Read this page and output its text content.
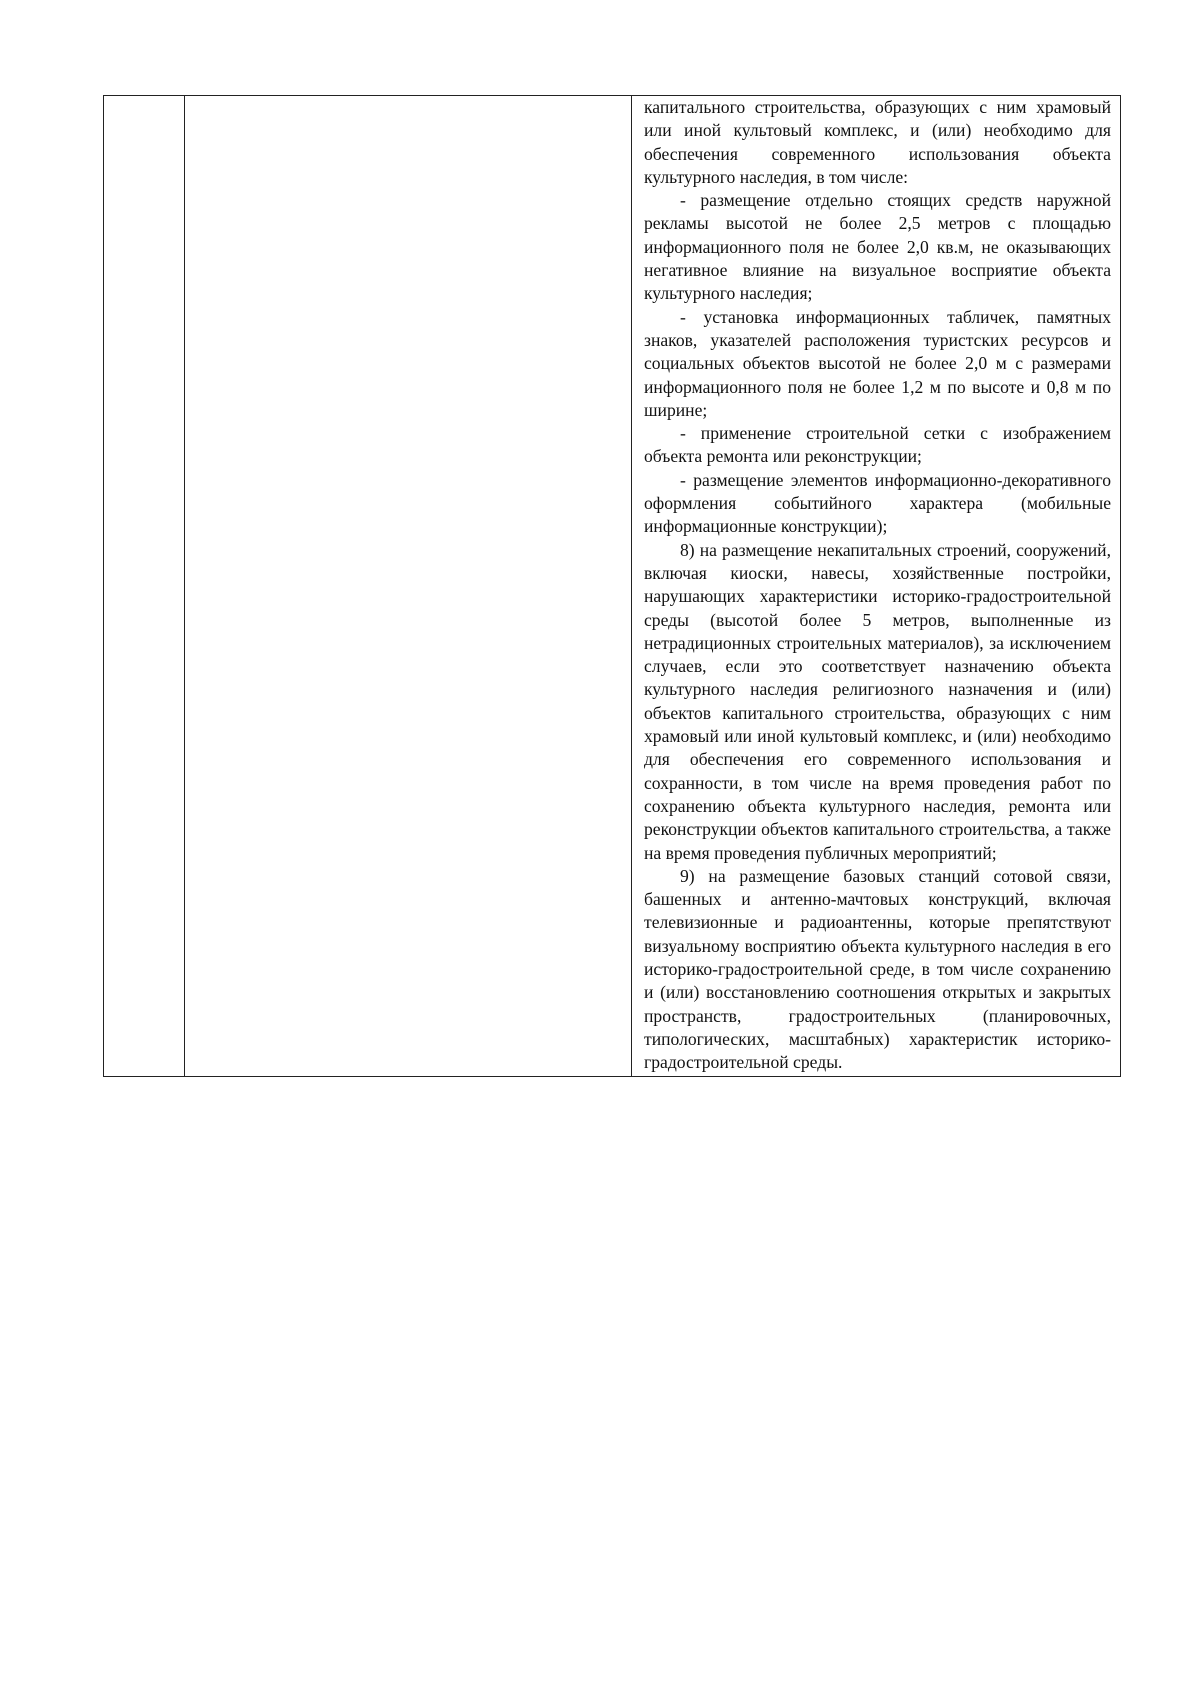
капитального строительства, образующих с ним храмовый или иной культовый комплекс, и (или) необходимо для обеспечения современного использования объекта культурного наследия, в том числе:

- размещение отдельно стоящих средств наружной рекламы высотой не более 2,5 метров с площадью информационного поля не более 2,0 кв.м, не оказывающих негативное влияние на визуальное восприятие объекта культурного наследия;

- установка информационных табличек, памятных знаков, указателей расположения туристских ресурсов и социальных объектов высотой не более 2,0 м с размерами информационного поля не более 1,2 м по высоте и 0,8 м по ширине;

- применение строительной сетки с изображением объекта ремонта или реконструкции;

- размещение элементов информационно-декоративного оформления событийного характера (мобильные информационные конструкции);

8) на размещение некапитальных строений, сооружений, включая киоски, навесы, хозяйственные постройки, нарушающих характеристики историко-градостроительной среды (высотой более 5 метров, выполненные из нетрадиционных строительных материалов), за исключением случаев, если это соответствует назначению объекта культурного наследия религиозного назначения и (или) объектов капитального строительства, образующих с ним храмовый или иной культовый комплекс, и (или) необходимо для обеспечения его современного использования и сохранности, в том числе на время проведения работ по сохранению объекта культурного наследия, ремонта или реконструкции объектов капитального строительства, а также на время проведения публичных мероприятий;

9) на размещение базовых станций сотовой связи, башенных и антенно-мачтовых конструкций, включая телевизионные и радиоантенны, которые препятствуют визуальному восприятию объекта культурного наследия в его историко-градостроительной среде, в том числе сохранению и (или) восстановлению соотношения открытых и закрытых пространств, градостроительных (планировочных, типологических, масштабных) характеристик историко-градостроительной среды.
